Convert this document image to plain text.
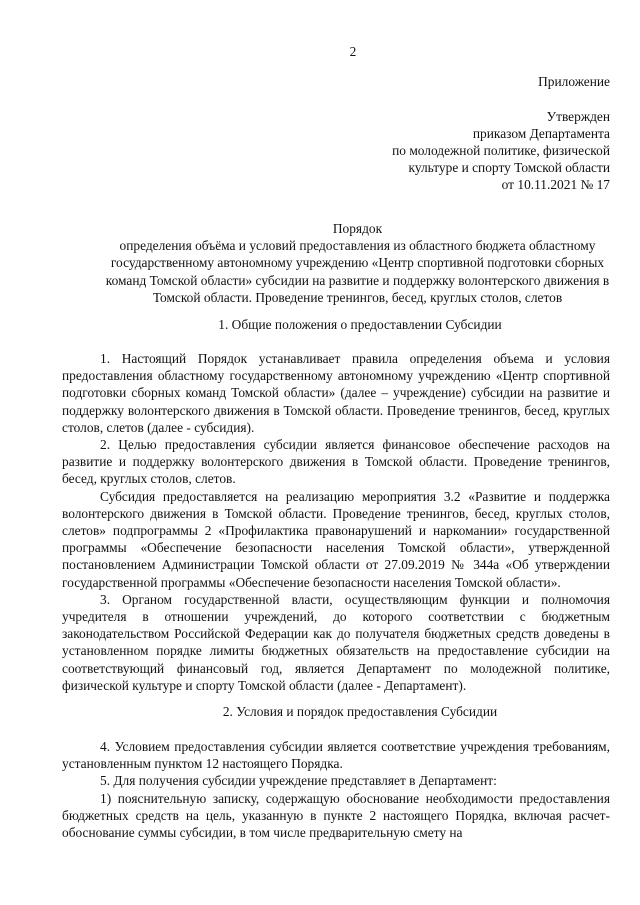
2
Приложение
Утвержден
приказом Департамента
по молодежной политике, физической
культуре и спорту Томской области
от 10.11.2021 № 17
Порядок
определения объёма и условий предоставления из областного бюджета областному
государственному автономному учреждению «Центр спортивной подготовки сборных
команд Томской области» субсидии на развитие и поддержку волонтерского движения в
Томской области. Проведение тренингов, бесед, круглых столов, слетов
1. Общие положения о предоставлении Субсидии

1. Настоящий Порядок устанавливает правила определения объема и условия предоставления областному государственному автономному учреждению «Центр спортивной подготовки сборных команд Томской области» (далее – учреждение) субсидии на развитие и поддержку волонтерского движения в Томской области. Проведение тренингов, бесед, круглых столов, слетов (далее - субсидия).

2. Целью предоставления субсидии является финансовое обеспечение расходов на развитие и поддержку волонтерского движения в Томской области. Проведение тренингов, бесед, круглых столов, слетов.

Субсидия предоставляется на реализацию мероприятия 3.2 «Развитие и поддержка волонтерского движения в Томской области. Проведение тренингов, бесед, круглых столов, слетов» подпрограммы 2 «Профилактика правонарушений и наркомании» государственной программы «Обеспечение безопасности населения Томской области», утвержденной постановлением Администрации Томской области от 27.09.2019 № 344а «Об утверждении государственной программы «Обеспечение безопасности населения Томской области».

3. Органом государственной власти, осуществляющим функции и полномочия учредителя в отношении учреждений, до которого соответствии с бюджетным законодательством Российской Федерации как до получателя бюджетных средств доведены в установленном порядке лимиты бюджетных обязательств на предоставление субсидии на соответствующий финансовый год, является Департамент по молодежной политике, физической культуре и спорту Томской области (далее - Департамент).

2. Условия и порядок предоставления Субсидии

4. Условием предоставления субсидии является соответствие учреждения требованиям, установленным пунктом 12 настоящего Порядка.

5. Для получения субсидии учреждение представляет в Департамент:

1) пояснительную записку, содержащую обоснование необходимости предоставления бюджетных средств на цель, указанную в пункте 2 настоящего Порядка, включая расчет-обоснование суммы субсидии, в том числе предварительную смету на
